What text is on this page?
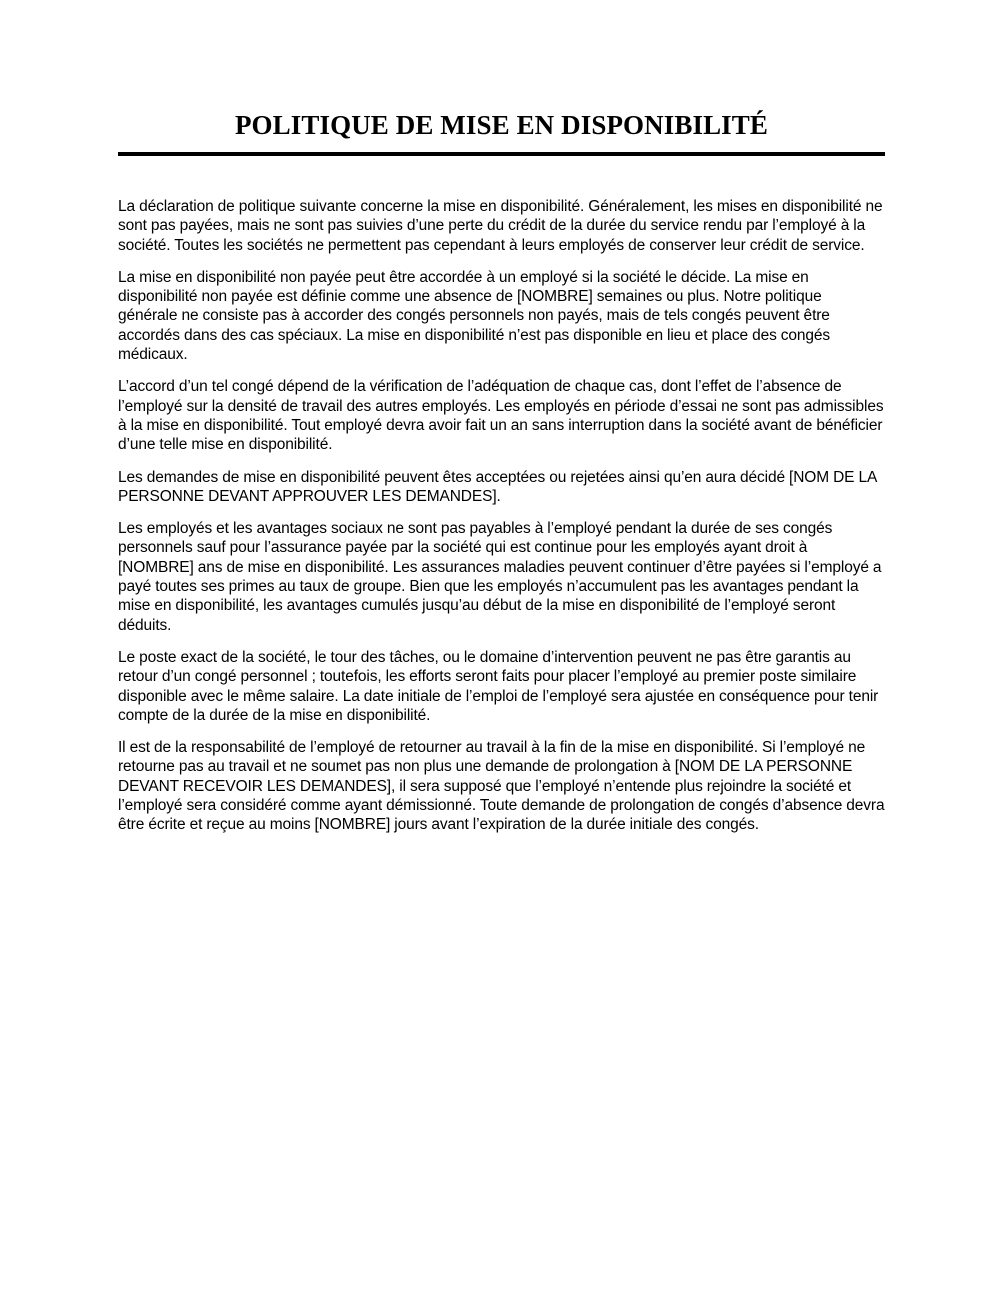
POLITIQUE DE MISE EN DISPONIBILITÉ

La déclaration de politique suivante concerne la mise en disponibilité. Généralement, les mises en disponibilité ne sont pas payées, mais ne sont pas suivies d’une perte du crédit de la durée du service rendu par l’employé à la société. Toutes les sociétés ne permettent pas cependant à leurs employés de conserver leur crédit de service.

La mise en disponibilité non payée peut être accordée à un employé si la société le décide. La mise en disponibilité non payée est définie comme une absence de [NOMBRE] semaines ou plus. Notre politique générale ne consiste pas à accorder des congés personnels non payés, mais de tels congés peuvent être accordés dans des cas spéciaux. La mise en disponibilité n’est pas disponible en lieu et place des congés médicaux.

L’accord d’un tel congé dépend de la vérification de l’adéquation de chaque cas, dont l’effet de l’absence de l’employé sur la densité de travail des autres employés. Les employés en période d’essai ne sont pas admissibles à la mise en disponibilité. Tout employé devra avoir fait un an sans interruption dans la société avant de bénéficier d’une telle mise en disponibilité.

Les demandes de mise en disponibilité peuvent êtes acceptées ou rejetées ainsi qu’en aura décidé [NOM DE LA PERSONNE DEVANT APPROUVER LES DEMANDES].

Les employés et les avantages sociaux ne sont pas payables à l’employé pendant la durée de ses congés personnels sauf pour l’assurance payée par la société qui est continue pour les employés ayant droit à [NOMBRE] ans de mise en disponibilité. Les assurances maladies peuvent continuer d’être payées si l’employé a payé toutes ses primes au taux de groupe. Bien que les employés n’accumulent pas les avantages pendant la mise en disponibilité, les avantages cumulés jusqu’au début de la mise en disponibilité de l’employé seront déduits.

Le poste exact de la société, le tour des tâches, ou le domaine d’intervention peuvent ne pas être garantis au retour d’un congé personnel ; toutefois, les efforts seront faits pour placer l’employé au premier poste similaire disponible avec le même salaire. La date initiale de l’emploi de l’employé sera ajustée en conséquence pour tenir compte de la durée de la mise en disponibilité.

Il est de la responsabilité de l’employé de retourner au travail à la fin de la mise en disponibilité. Si l’employé ne retourne pas au travail et ne soumet pas non plus une demande de prolongation à [NOM DE LA PERSONNE DEVANT RECEVOIR LES DEMANDES], il sera supposé que l’employé n’entende plus rejoindre la société et l’employé sera considéré comme ayant démissionné. Toute demande de prolongation de congés d’absence devra être écrite et reçue au moins [NOMBRE] jours avant l’expiration de la durée initiale des congés.
